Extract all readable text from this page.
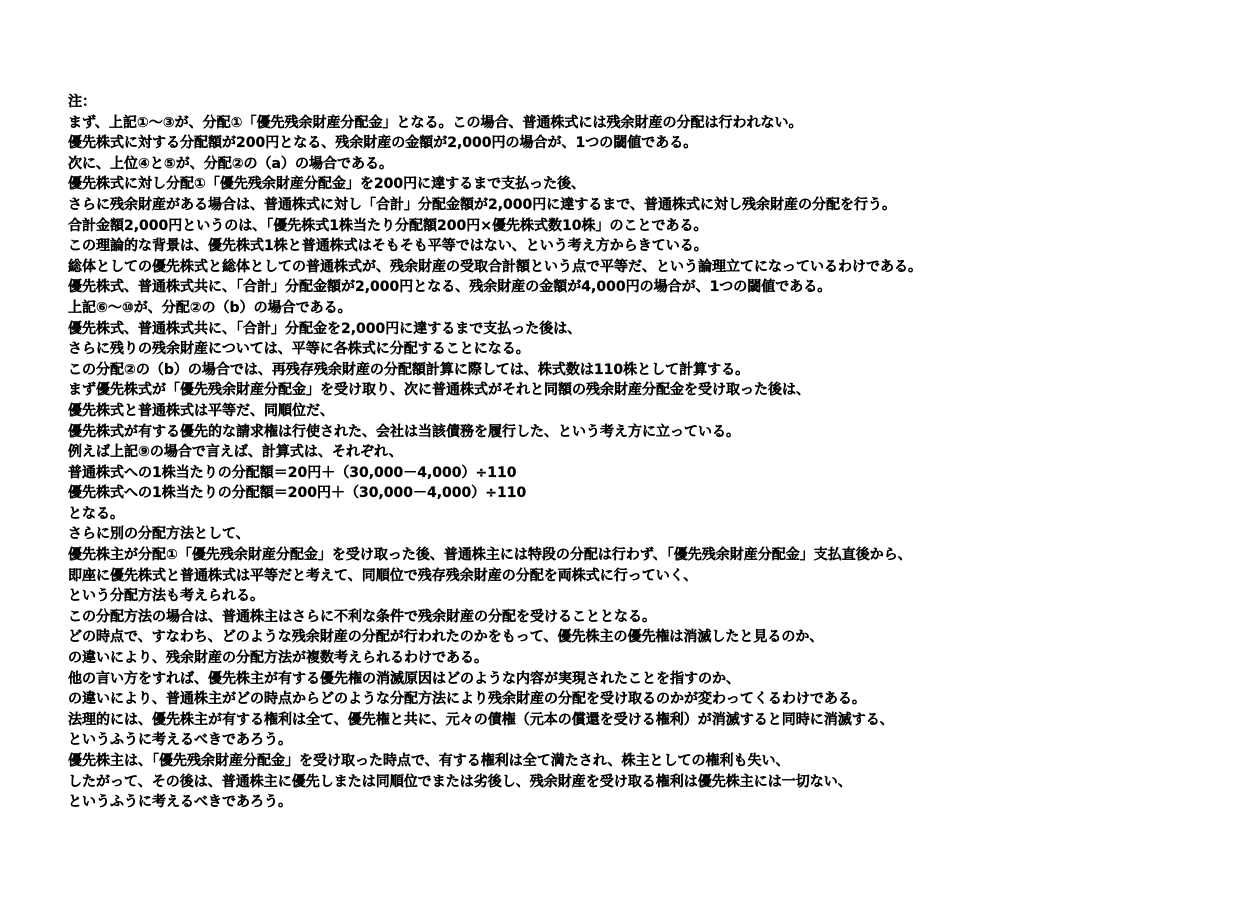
注：
まず、上記①～③が、分配①「優先残余財産分配金」となる。この場合、普通株式には残余財産の分配は行われない。
優先株式に対する分配額が200円となる、残余財産の金額が2,000円の場合が、1つの閾値である。
次に、上位④と⑤が、分配②の（a）の場合である。
優先株式に対し分配①「優先残余財産分配金」を200円に達するまで支払った後、
さらに残余財産がある場合は、普通株式に対し「合計」分配金額が2,000円に達するまで、普通株式に対し残余財産の分配を行う。
合計金額2,000円というのは、「優先株式1株当たり分配額200円×優先株式数10株」のことである。
この理論的な背景は、優先株式1株と普通株式はそもそも平等ではない、という考え方からきている。
総体としての優先株式と総体としての普通株式が、残余財産の受取合計額という点で平等だ、という論理立てになっているわけである。
優先株式、普通株式共に、「合計」分配金額が2,000円となる、残余財産の金額が4,000円の場合が、1つの閾値である。
上記⑥～⑩が、分配②の（b）の場合である。
優先株式、普通株式共に、「合計」分配金を2,000円に達するまで支払った後は、
さらに残りの残余財産については、平等に各株式に分配することになる。
この分配②の（b）の場合では、再残存残余財産の分配額計算に際しては、株式数は110株として計算する。
まず優先株式が「優先残余財産分配金」を受け取り、次に普通株式がそれと同額の残余財産分配金を受け取った後は、
優先株式と普通株式は平等だ、同順位だ、
優先株式が有する優先的な請求権は行使された、会社は当該債務を履行した、という考え方に立っている。
例えば上記⑨の場合で言えば、計算式は、それぞれ、
普通株式への1株当たりの分配額＝20円＋（30,000－4,000）÷110
優先株式への1株当たりの分配額＝200円＋（30,000－4,000）÷110
となる。
さらに別の分配方法として、
優先株主が分配①「優先残余財産分配金」を受け取った後、普通株主には特段の分配は行わず、「優先残余財産分配金」支払直後から、
即座に優先株式と普通株式は平等だと考えて、同順位で残存残余財産の分配を両株式に行っていく、
という分配方法も考えられる。
この分配方法の場合は、普通株主はさらに不利な条件で残余財産の分配を受けることとなる。
どの時点で、すなわち、どのような残余財産の分配が行われたのかをもって、優先株主の優先権は消滅したと見るのか、
の違いにより、残余財産の分配方法が複数考えられるわけである。
他の言い方をすれば、優先株主が有する優先権の消滅原因はどのような内容が実現されたことを指すのか、
の違いにより、普通株主がどの時点からどのような分配方法により残余財産の分配を受け取るのかが変わってくるわけである。
法理的には、優先株主が有する権利は全て、優先権と共に、元々の債権（元本の償還を受ける権利）が消滅すると同時に消滅する、
というふうに考えるべきであろう。
優先株主は、「優先残余財産分配金」を受け取った時点で、有する権利は全て満たされ、株主としての権利も失い、
したがって、その後は、普通株主に優先しまたは同順位でまたは劣後し、残余財産を受け取る権利は優先株主には一切ない、
というふうに考えるべきであろう。
